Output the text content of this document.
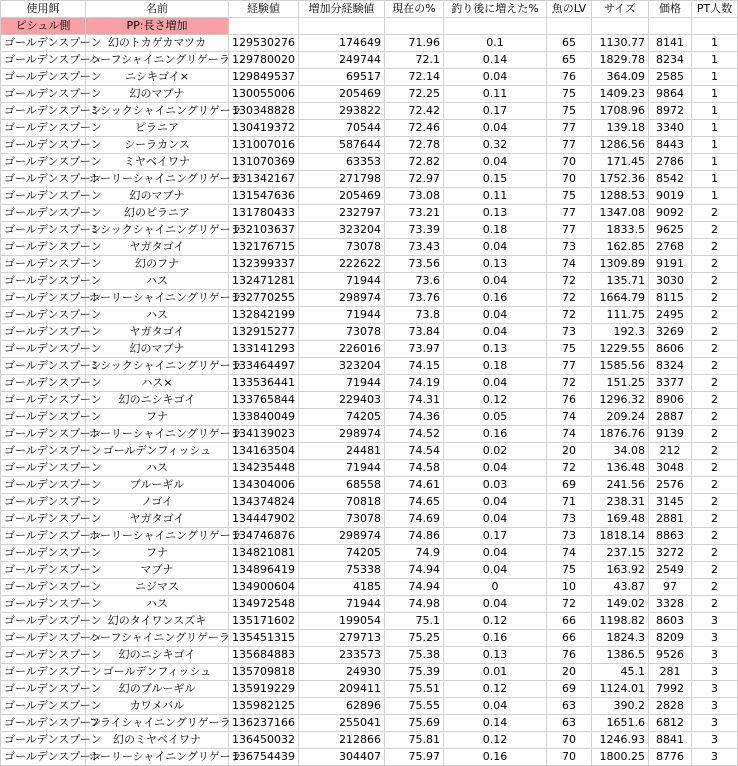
使用餌	名前	経験値	増加分経験値	現在の%	釣り後に増えた%	魚のLV	サイズ	価格	PT人数
ピシュル側	PP:長さ増加								
ゴールデンスプーン	幻のトカゲカマツカ	129530276	174649	71.96	0.1	65	1130.77	8141	1
ゴールデンスプーン	ハーフシャイニングリゲーラ	129780020	249744	72.1	0.14	65	1829.78	8234	1
ゴールデンスプーン	ニシキゴイ×	129849537	69517	72.14	0.04	76	364.09	2585	1
ゴールデンスプーン	幻のマブナ	130055006	205469	72.25	0.11	75	1409.23	9864	1
ゴールデンスプーン	ミシックシャイニングリゲーラ	130348828	293822	72.42	0.17	75	1708.96	8972	1
ゴールデンスプーン	ピラニア	130419372	70544	72.46	0.04	77	139.18	3340	1
ゴールデンスプーン	シーラカンス	131007016	587644	72.78	0.32	77	1286.56	8443	1
ゴールデンスプーン	ミヤベイワナ	131070369	63353	72.82	0.04	70	171.45	2786	1
ゴールデンスプーン	ホーリーシャイニングリゲーラ	131342167	271798	72.97	0.15	70	1752.36	8542	1
ゴールデンスプーン	幻のマブナ	131547636	205469	73.08	0.11	75	1288.53	9019	1
ゴールデンスプーン	幻のピラニア	131780433	232797	73.21	0.13	77	1347.08	9092	2
ゴールデンスプーン	ミシックシャイニングリゲーラ	132103637	323204	73.39	0.18	77	1833.5	9625	2
ゴールデンスプーン	ヤガタゴイ	132176715	73078	73.43	0.04	73	162.85	2768	2
ゴールデンスプーン	幻のフナ	132399337	222622	73.56	0.13	74	1309.89	9191	2
ゴールデンスプーン	ハス	132471281	71944	73.6	0.04	72	135.71	3030	2
ゴールデンスプーン	ホーリーシャイニングリゲーラ	132770255	298974	73.76	0.16	72	1664.79	8115	2
ゴールデンスプーン	ハス	132842199	71944	73.8	0.04	72	111.75	2495	2
ゴールデンスプーン	ヤガタゴイ	132915277	73078	73.84	0.04	73	192.3	3269	2
ゴールデンスプーン	幻のマブナ	133141293	226016	73.97	0.13	75	1229.55	8606	2
ゴールデンスプーン	ミシックシャイニングリゲーラ	133464497	323204	74.15	0.18	77	1585.56	8324	2
ゴールデンスプーン	ハス×	133536441	71944	74.19	0.04	72	151.25	3377	2
ゴールデンスプーン	幻のニシキゴイ	133765844	229403	74.31	0.12	76	1296.32	8906	2
ゴールデンスプーン	フナ	133840049	74205	74.36	0.05	74	209.24	2887	2
ゴールデンスプーン	ホーリーシャイニングリゲーラ	134139023	298974	74.52	0.16	74	1876.76	9139	2
ゴールデンスプーン	ゴールデンフィッシュ	134163504	24481	74.54	0.02	20	34.08	212	2
ゴールデンスプーン	ハス	134235448	71944	74.58	0.04	72	136.48	3048	2
ゴールデンスプーン	ブルーギル	134304006	68558	74.61	0.03	69	241.56	2576	2
ゴールデンスプーン	ノゴイ	134374824	70818	74.65	0.04	71	238.31	3145	2
ゴールデンスプーン	ヤガタゴイ	134447902	73078	74.69	0.04	73	169.48	2881	2
ゴールデンスプーン	ホーリーシャイニングリゲーラ	134746876	298974	74.86	0.17	73	1818.14	8863	2
ゴールデンスプーン	フナ	134821081	74205	74.9	0.04	74	237.15	3272	2
ゴールデンスプーン	マブナ	134896419	75338	74.94	0.04	75	163.92	2549	2
ゴールデンスプーン	ニジマス	134900604	4185	74.94	0	10	43.87	97	2
ゴールデンスプーン	ハス	134972548	71944	74.98	0.04	72	149.02	3328	2
ゴールデンスプーン	幻のタイワンスズキ	135171602	199054	75.1	0.12	66	1198.82	8603	3
ゴールデンスプーン	ハーフシャイニングリゲーラ	135451315	279713	75.25	0.16	66	1824.3	8209	3
ゴールデンスプーン	幻のニシキゴイ	135684883	233573	75.38	0.13	76	1386.5	9526	3
ゴールデンスプーン	ゴールデンフィッシュ	135709818	24930	75.39	0.01	20	45.1	281	3
ゴールデンスプーン	幻のブルーギル	135919229	209411	75.51	0.12	69	1124.01	7992	3
ゴールデンスプーン	カワメバル	135982125	62896	75.55	0.04	63	390.2	2828	3
ゴールデンスプーン	フライシャイニングリゲーラ	136237166	255041	75.69	0.14	63	1651.6	6812	3
ゴールデンスプーン	幻のミヤベイワナ	136450032	212866	75.81	0.12	70	1246.93	8841	3
ゴールデンスプーン	ホーリーシャイニングリゲーラ	136754439	304407	75.97	0.16	70	1800.25	8776	3
